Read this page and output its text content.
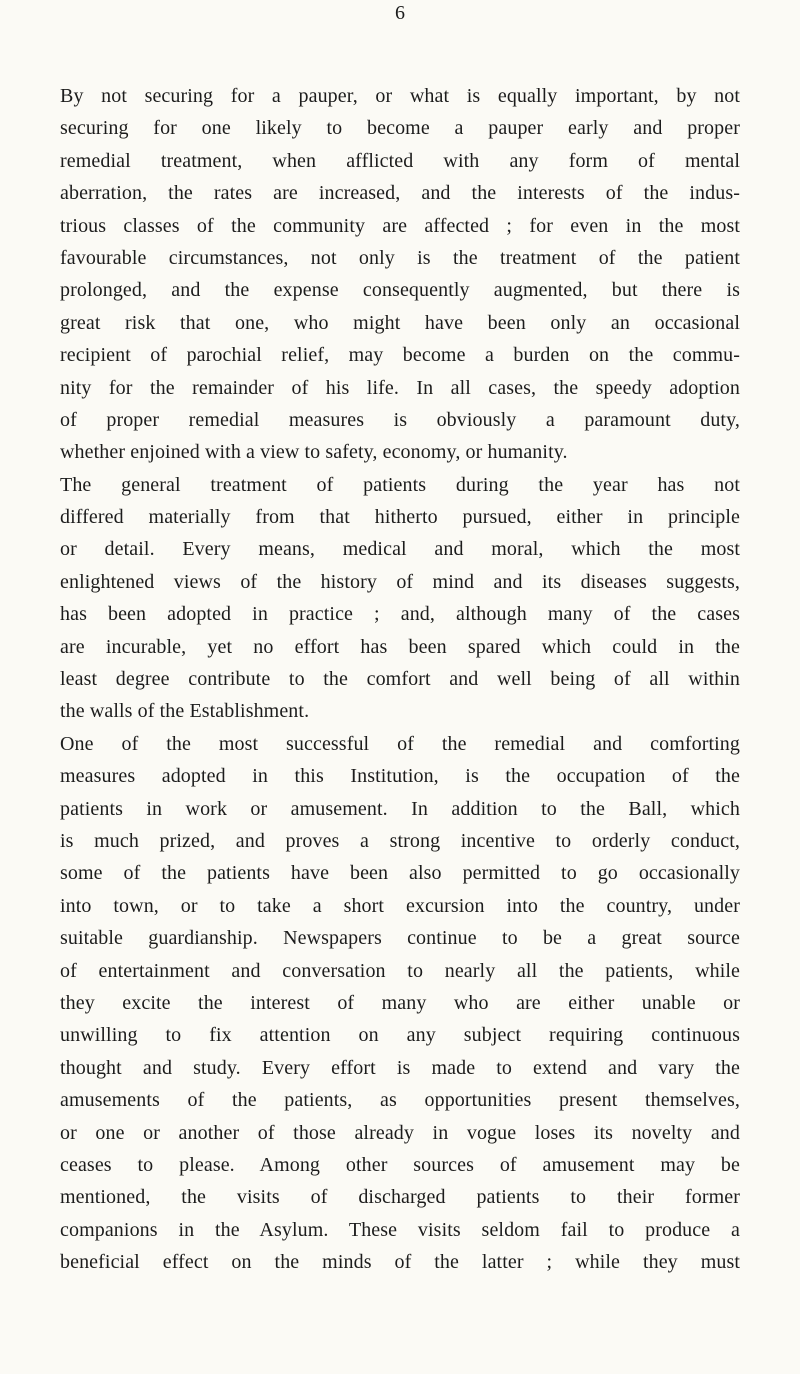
6
By not securing for a pauper, or what is equally important, by not
securing for one likely to become a pauper early and proper
remedial treatment, when afflicted with any form of mental
aberration, the rates are increased, and the interests of the indus-
trious classes of the community are affected ; for even in the most
favourable circumstances, not only is the treatment of the patient
prolonged, and the expense consequently augmented, but there is
great risk that one, who might have been only an occasional
recipient of parochial relief, may become a burden on the commu-
nity for the remainder of his life. In all cases, the speedy adoption
of proper remedial measures is obviously a paramount duty,
whether enjoined with a view to safety, economy, or humanity.
The general treatment of patients during the year has not
differed materially from that hitherto pursued, either in principle
or detail. Every means, medical and moral, which the most
enlightened views of the history of mind and its diseases suggests,
has been adopted in practice ; and, although many of the cases
are incurable, yet no effort has been spared which could in the
least degree contribute to the comfort and well being of all within
the walls of the Establishment.
One of the most successful of the remedial and comforting
measures adopted in this Institution, is the occupation of the
patients in work or amusement. In addition to the Ball, which
is much prized, and proves a strong incentive to orderly conduct,
some of the patients have been also permitted to go occasionally
into town, or to take a short excursion into the country, under
suitable guardianship. Newspapers continue to be a great source
of entertainment and conversation to nearly all the patients, while
they excite the interest of many who are either unable or
unwilling to fix attention on any subject requiring continuous
thought and study. Every effort is made to extend and vary the
amusements of the patients, as opportunities present themselves,
or one or another of those already in vogue loses its novelty and
ceases to please. Among other sources of amusement may be
mentioned, the visits of discharged patients to their former
companions in the Asylum. These visits seldom fail to produce a
beneficial effect on the minds of the latter ; while they must
